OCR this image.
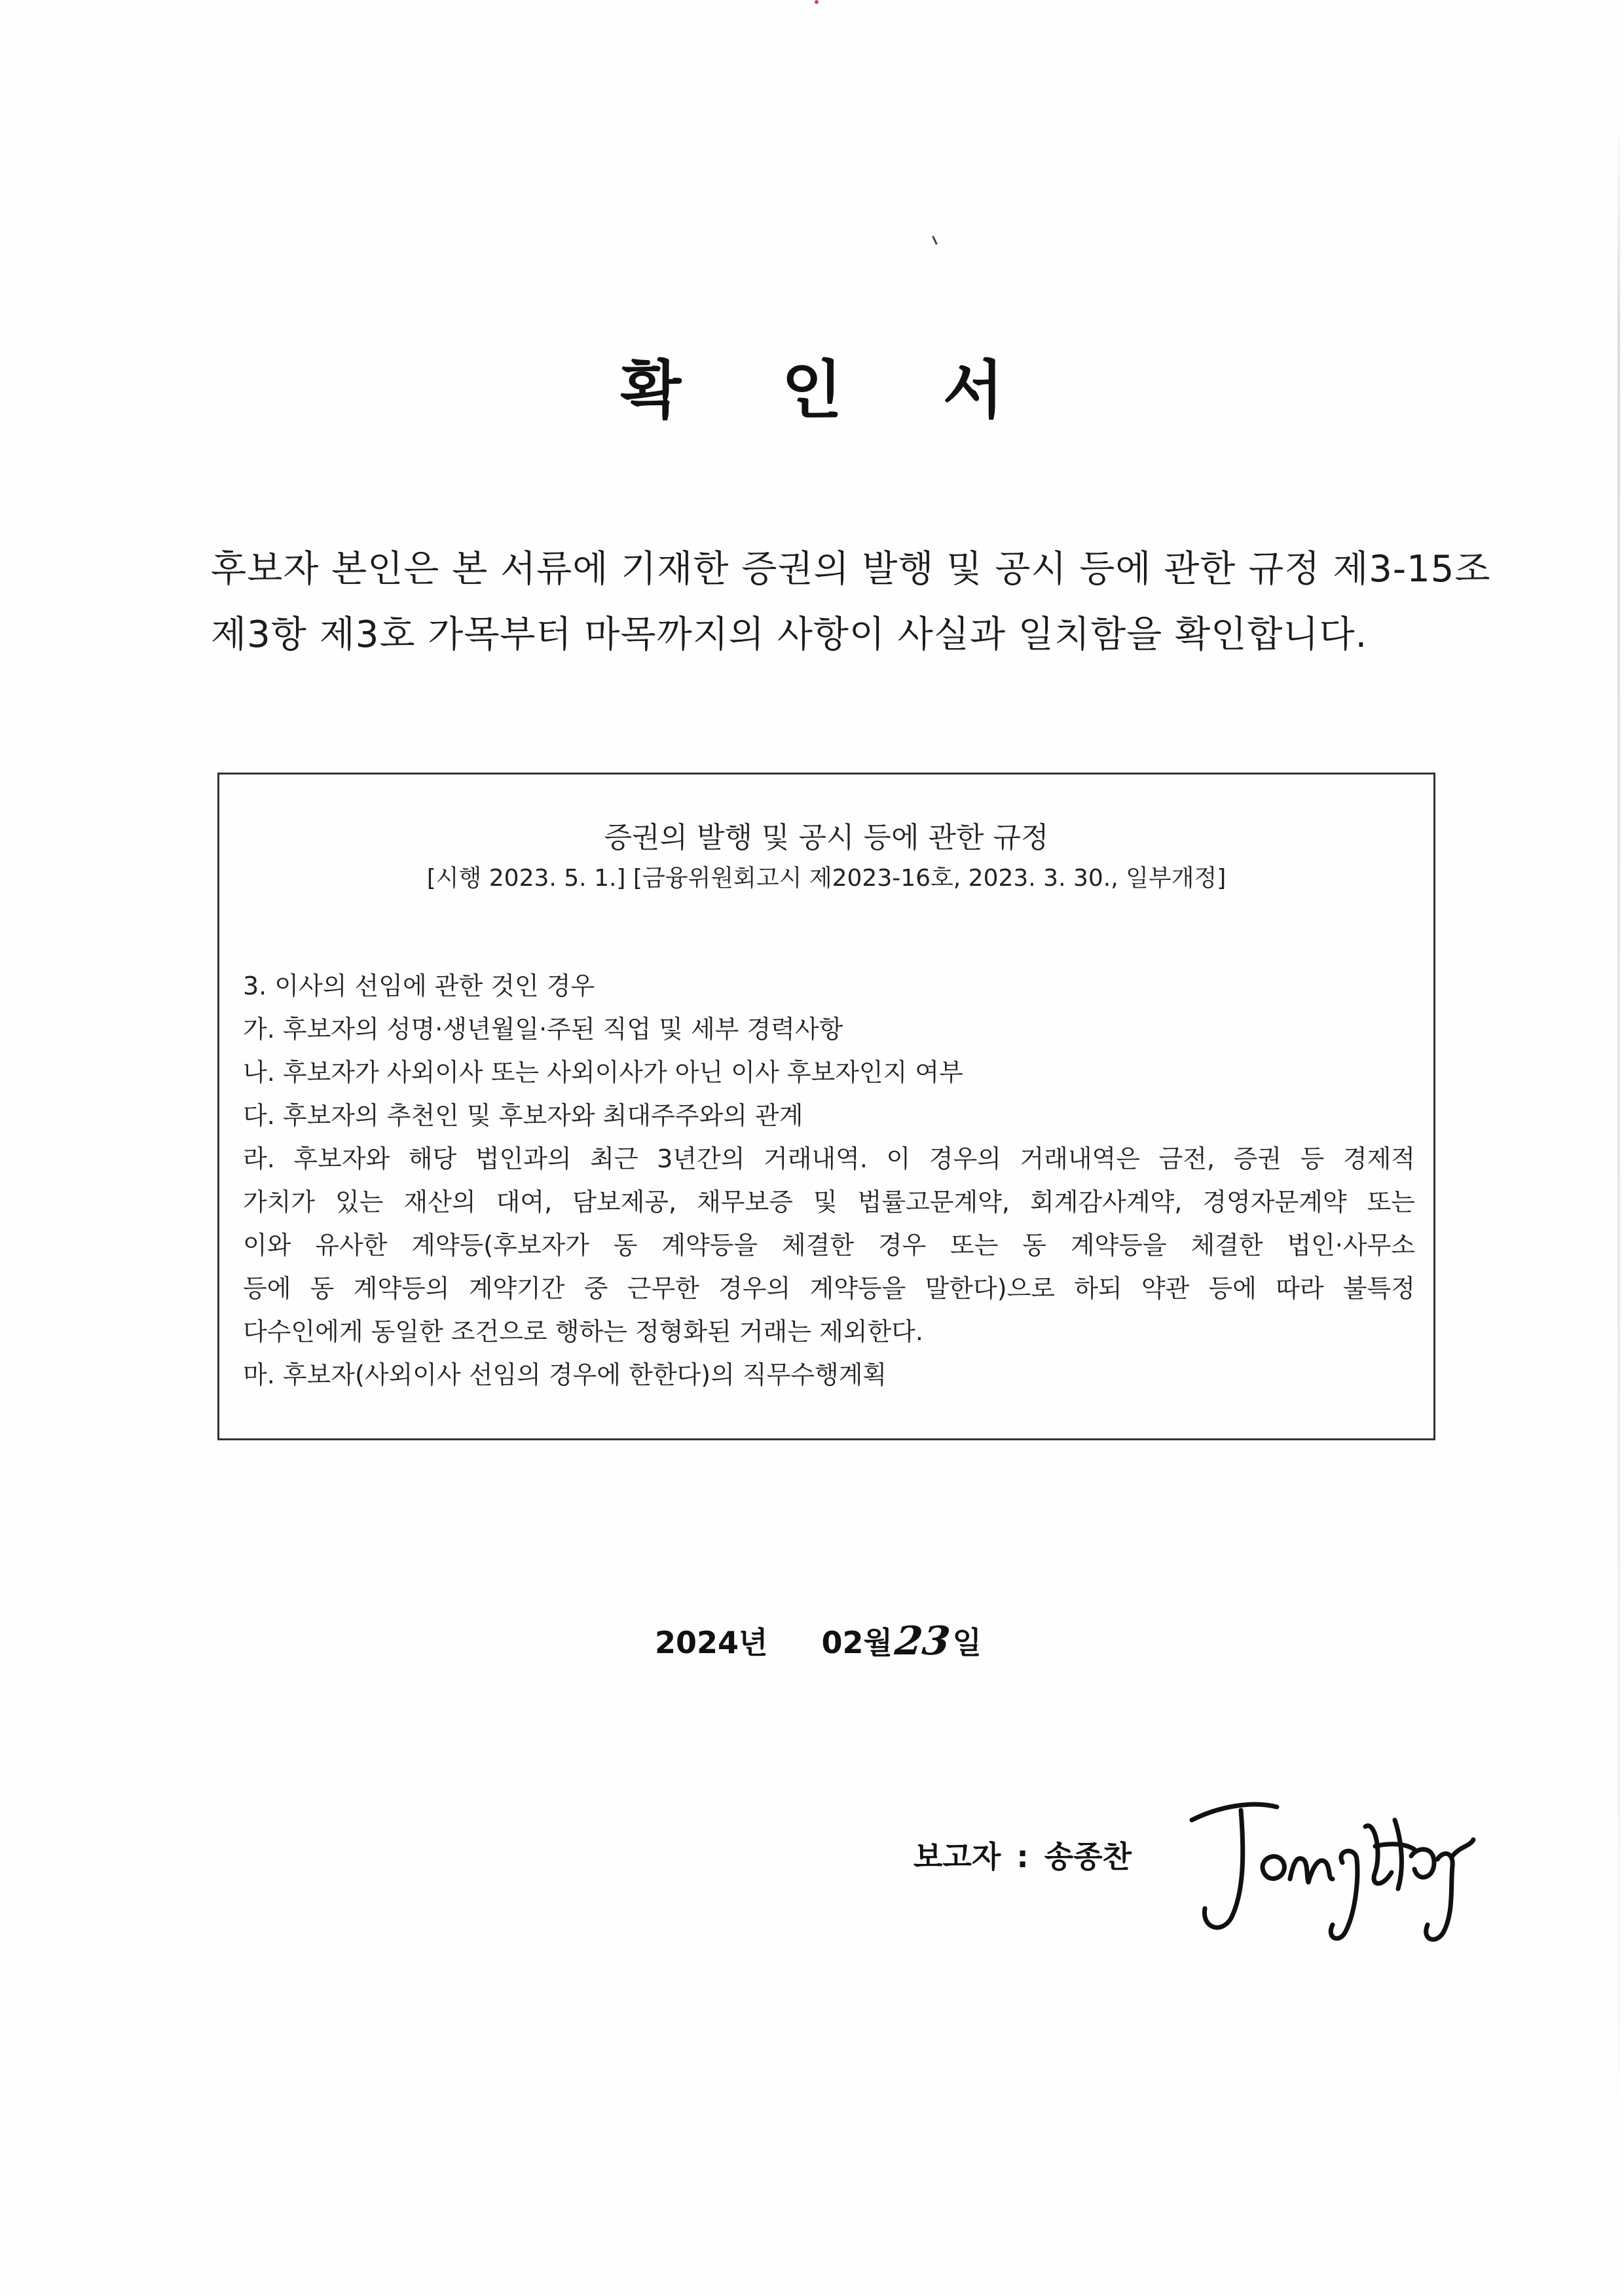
확 인 서
후보자 본인은 본 서류에 기재한 증권의 발행 및 공시 등에 관한 규정 제3-15조
제3항 제3호 가목부터 마목까지의 사항이 사실과 일치함을 확인합니다.
증권의 발행 및 공시 등에 관한 규정
[시행 2023. 5. 1.] [금융위원회고시 제2023-16호, 2023. 3. 30., 일부개정]
3. 이사의 선임에 관한 것인 경우
가. 후보자의 성명·생년월일·주된 직업 및 세부 경력사항
나. 후보자가 사외이사 또는 사외이사가 아닌 이사 후보자인지 여부
다. 후보자의 추천인 및 후보자와 최대주주와의 관계
라. 후보자와 해당 법인과의 최근 3년간의 거래내역. 이 경우의 거래내역은 금전, 증권 등 경제적
가치가 있는 재산의 대여, 담보제공, 채무보증 및 법률고문계약, 회계감사계약, 경영자문계약 또는
이와 유사한 계약등(후보자가 동 계약등을 체결한 경우 또는 동 계약등을 체결한 법인·사무소
등에 동 계약등의 계약기간 중 근무한 경우의 계약등을 말한다)으로 하되 약관 등에 따라 불특정
다수인에게 동일한 조건으로 행하는 정형화된 거래는 제외한다.
마. 후보자(사외이사 선임의 경우에 한한다)의 직무수행계획
2024년 02월23일
보고자 : 송종찬
